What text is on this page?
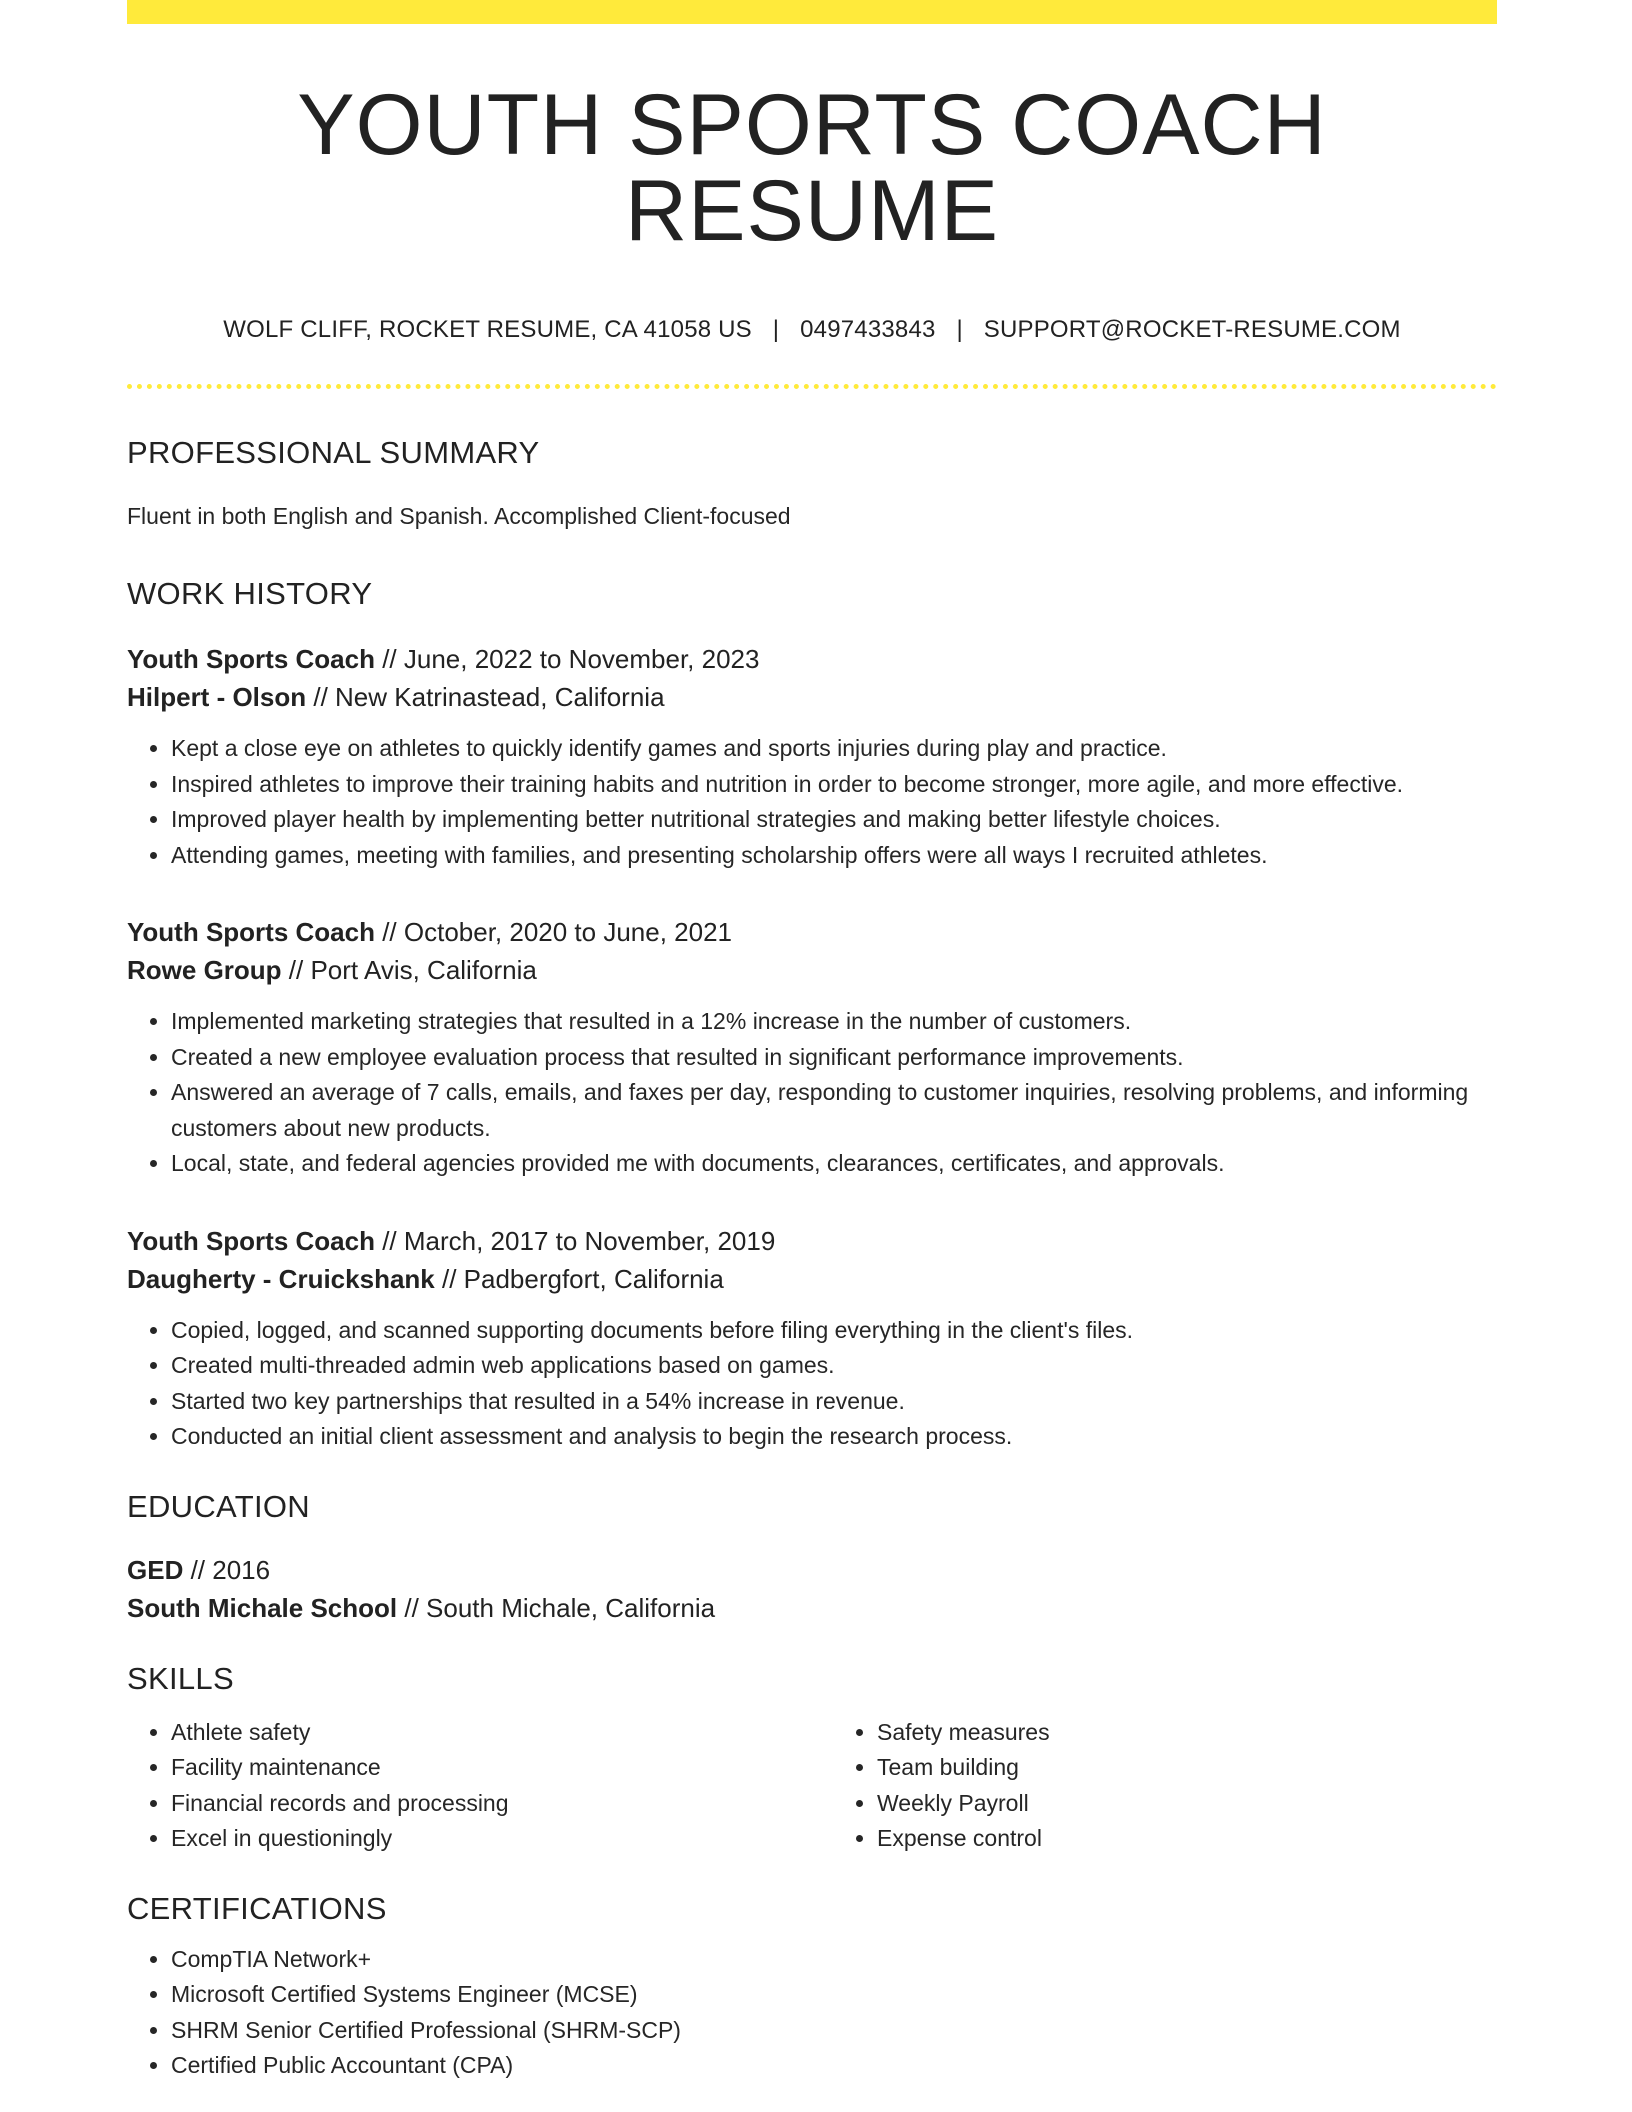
YOUTH SPORTS COACH RESUME
WOLF CLIFF, ROCKET RESUME, CA 41058 US | 0497433843 | SUPPORT@ROCKET-RESUME.COM
PROFESSIONAL SUMMARY
Fluent in both English and Spanish. Accomplished Client-focused
WORK HISTORY
Youth Sports Coach // June, 2022 to November, 2023
Hilpert - Olson // New Katrinastead, California
• Kept a close eye on athletes to quickly identify games and sports injuries during play and practice.
• Inspired athletes to improve their training habits and nutrition in order to become stronger, more agile, and more effective.
• Improved player health by implementing better nutritional strategies and making better lifestyle choices.
• Attending games, meeting with families, and presenting scholarship offers were all ways I recruited athletes.
Youth Sports Coach // October, 2020 to June, 2021
Rowe Group // Port Avis, California
• Implemented marketing strategies that resulted in a 12% increase in the number of customers.
• Created a new employee evaluation process that resulted in significant performance improvements.
• Answered an average of 7 calls, emails, and faxes per day, responding to customer inquiries, resolving problems, and informing customers about new products.
• Local, state, and federal agencies provided me with documents, clearances, certificates, and approvals.
Youth Sports Coach // March, 2017 to November, 2019
Daugherty - Cruickshank // Padbergfort, California
• Copied, logged, and scanned supporting documents before filing everything in the client's files.
• Created multi-threaded admin web applications based on games.
• Started two key partnerships that resulted in a 54% increase in revenue.
• Conducted an initial client assessment and analysis to begin the research process.
EDUCATION
GED // 2016
South Michale School // South Michale, California
SKILLS
• Athlete safety
• Facility maintenance
• Financial records and processing
• Excel in questioningly
• Safety measures
• Team building
• Weekly Payroll
• Expense control
CERTIFICATIONS
• CompTIA Network+
• Microsoft Certified Systems Engineer (MCSE)
• SHRM Senior Certified Professional (SHRM-SCP)
• Certified Public Accountant (CPA)
